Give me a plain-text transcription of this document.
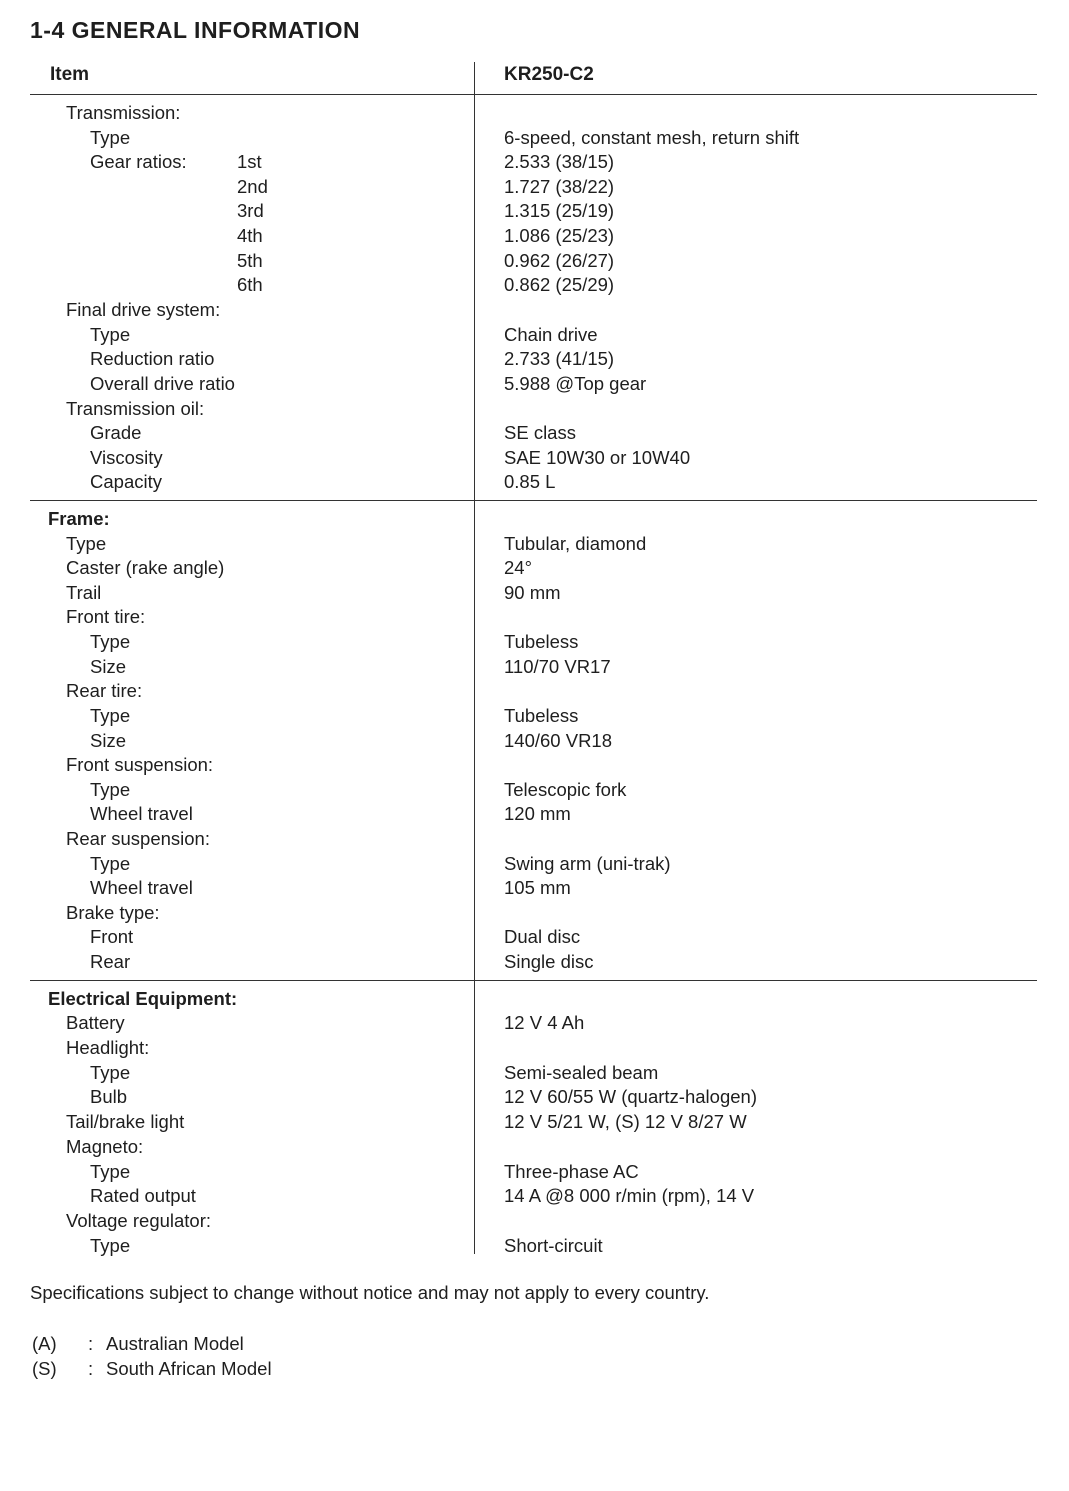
1-4 GENERAL INFORMATION
Item	KR250-C2
Transmission:
Type	6-speed, constant mesh, return shift
Gear ratios:	1st	2.533 (38/15)
2nd	1.727 (38/22)
3rd	1.315 (25/19)
4th	1.086 (25/23)
5th	0.962 (26/27)
6th	0.862 (25/29)
Final drive system:
Type	Chain drive
Reduction ratio	2.733 (41/15)
Overall drive ratio	5.988 @Top gear
Transmission oil:
Grade	SE class
Viscosity	SAE 10W30 or 10W40
Capacity	0.85 L
Frame:
Type	Tubular, diamond
Caster (rake angle)	24°
Trail	90 mm
Front tire:
Type	Tubeless
Size	110/70 VR17
Rear tire:
Type	Tubeless
Size	140/60 VR18
Front suspension:
Type	Telescopic fork
Wheel travel	120 mm
Rear suspension:
Type	Swing arm (uni-trak)
Wheel travel	105 mm
Brake type:
Front	Dual disc
Rear	Single disc
Electrical Equipment:
Battery	12 V 4 Ah
Headlight:
Type	Semi-sealed beam
Bulb	12 V 60/55 W (quartz-halogen)
Tail/brake light	12 V 5/21 W, (S) 12 V 8/27 W
Magneto:
Type	Three-phase AC
Rated output	14 A @8 000 r/min (rpm), 14 V
Voltage regulator:
Type	Short-circuit
Specifications subject to change without notice and may not apply to every country.
(A) : Australian Model
(S) : South African Model
